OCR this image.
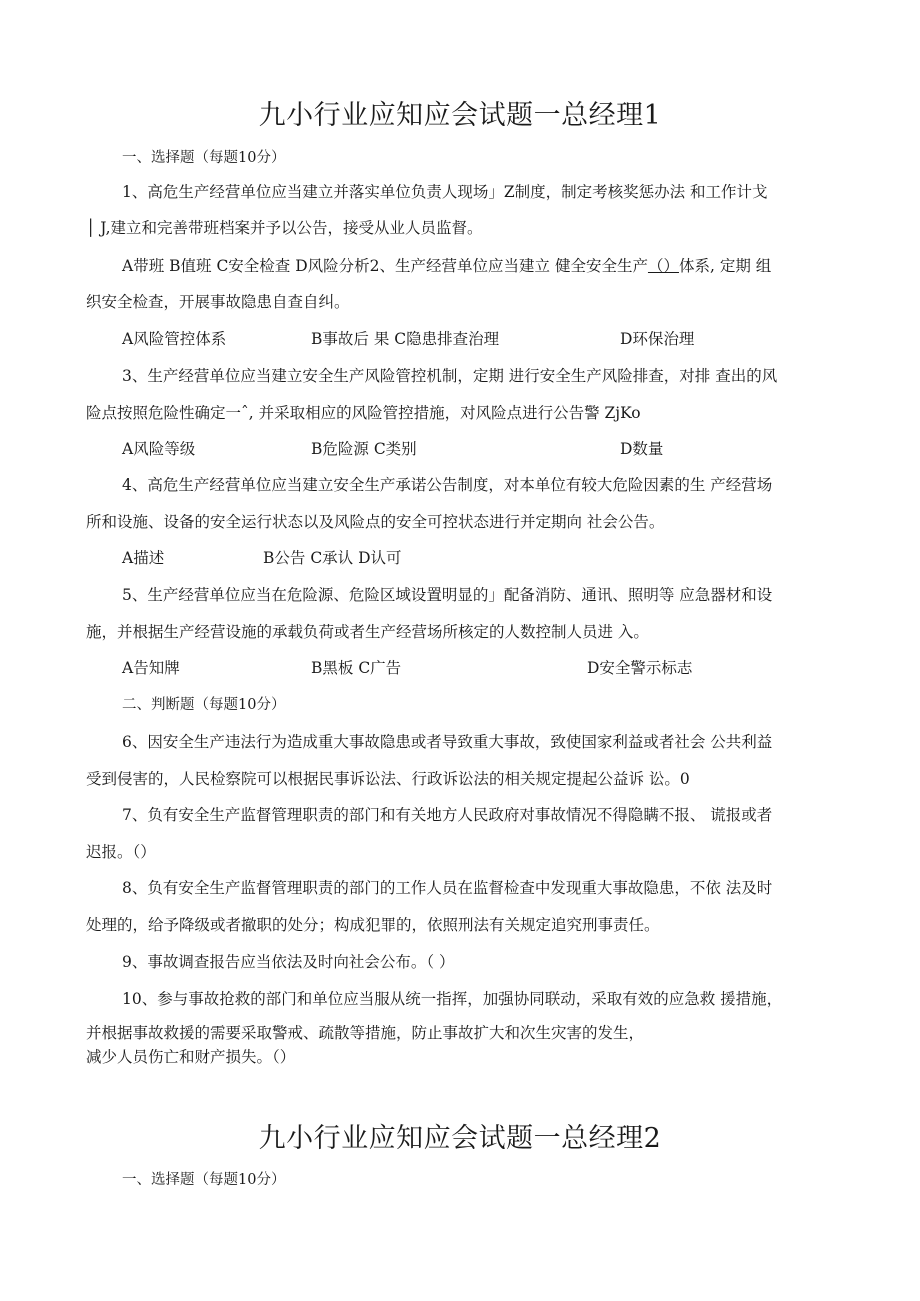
九小行业应知应会试题一总经理1
一、选择题（每题10分）
1、高危生产经营单位应当建立并落实单位负责人现场」Z制度，制定考核奖惩办法 和工作计戈
│ J,建立和完善带班档案并予以公告，接受从业人员监督。
A带班 B值班 C安全检查 D风险分析2、生产经营单位应当建立 健全安全生产（）体系, 定期 组
织安全检查，开展事故隐患自查自纠。
A风险管控体系	B事故后 果 C隐患排查治理	D环保治理
3、生产经营单位应当建立安全生产风险管控机制，定期 进行安全生产风险排查，对排 查出的风
险点按照危险性确定一ˆ, 并采取相应的风险管控措施，对风险点进行公告警 ZjKo
A风险等级	B危险源 C类别	D数量
4、高危生产经营单位应当建立安全生产承诺公告制度，对本单位有较大危险因素的生 产经营场
所和设施、设备的安全运行状态以及风险点的安全可控状态进行并定期向 社会公告。
A描述	B公告 C承认 D认可
5、生产经营单位应当在危险源、危险区域设置明显的」配备消防、通讯、照明等 应急器材和设
施，并根据生产经营设施的承载负荷或者生产经营场所核定的人数控制人员进 入。
A告知牌	B黑板 C广告	D安全警示标志
二、判断题（每题10分）
6、因安全生产违法行为造成重大事故隐患或者导致重大事故，致使国家利益或者社会 公共利益
受到侵害的，人民检察院可以根据民事诉讼法、行政诉讼法的相关规定提起公益诉 讼。0
7、负有安全生产监督管理职责的部门和有关地方人民政府对事故情况不得隐瞒不报、 谎报或者
迟报。（）
8、负有安全生产监督管理职责的部门的工作人员在监督检查中发现重大事故隐患，不依 法及时
处理的，给予降级或者撤职的处分；构成犯罪的，依照刑法有关规定追究刑事责任。
9、事故调查报告应当依法及时向社会公布。（ ）
10、参与事故抢救的部门和单位应当服从统一指挥，加强协同联动，采取有效的应急救 援措施，
并根据事故救援的需要采取警戒、疏散等措施，防止事故扩大和次生灾害的发生，
减少人员伤亡和财产损失。（）
九小行业应知应会试题一总经理2
一、选择题（每题10分）
